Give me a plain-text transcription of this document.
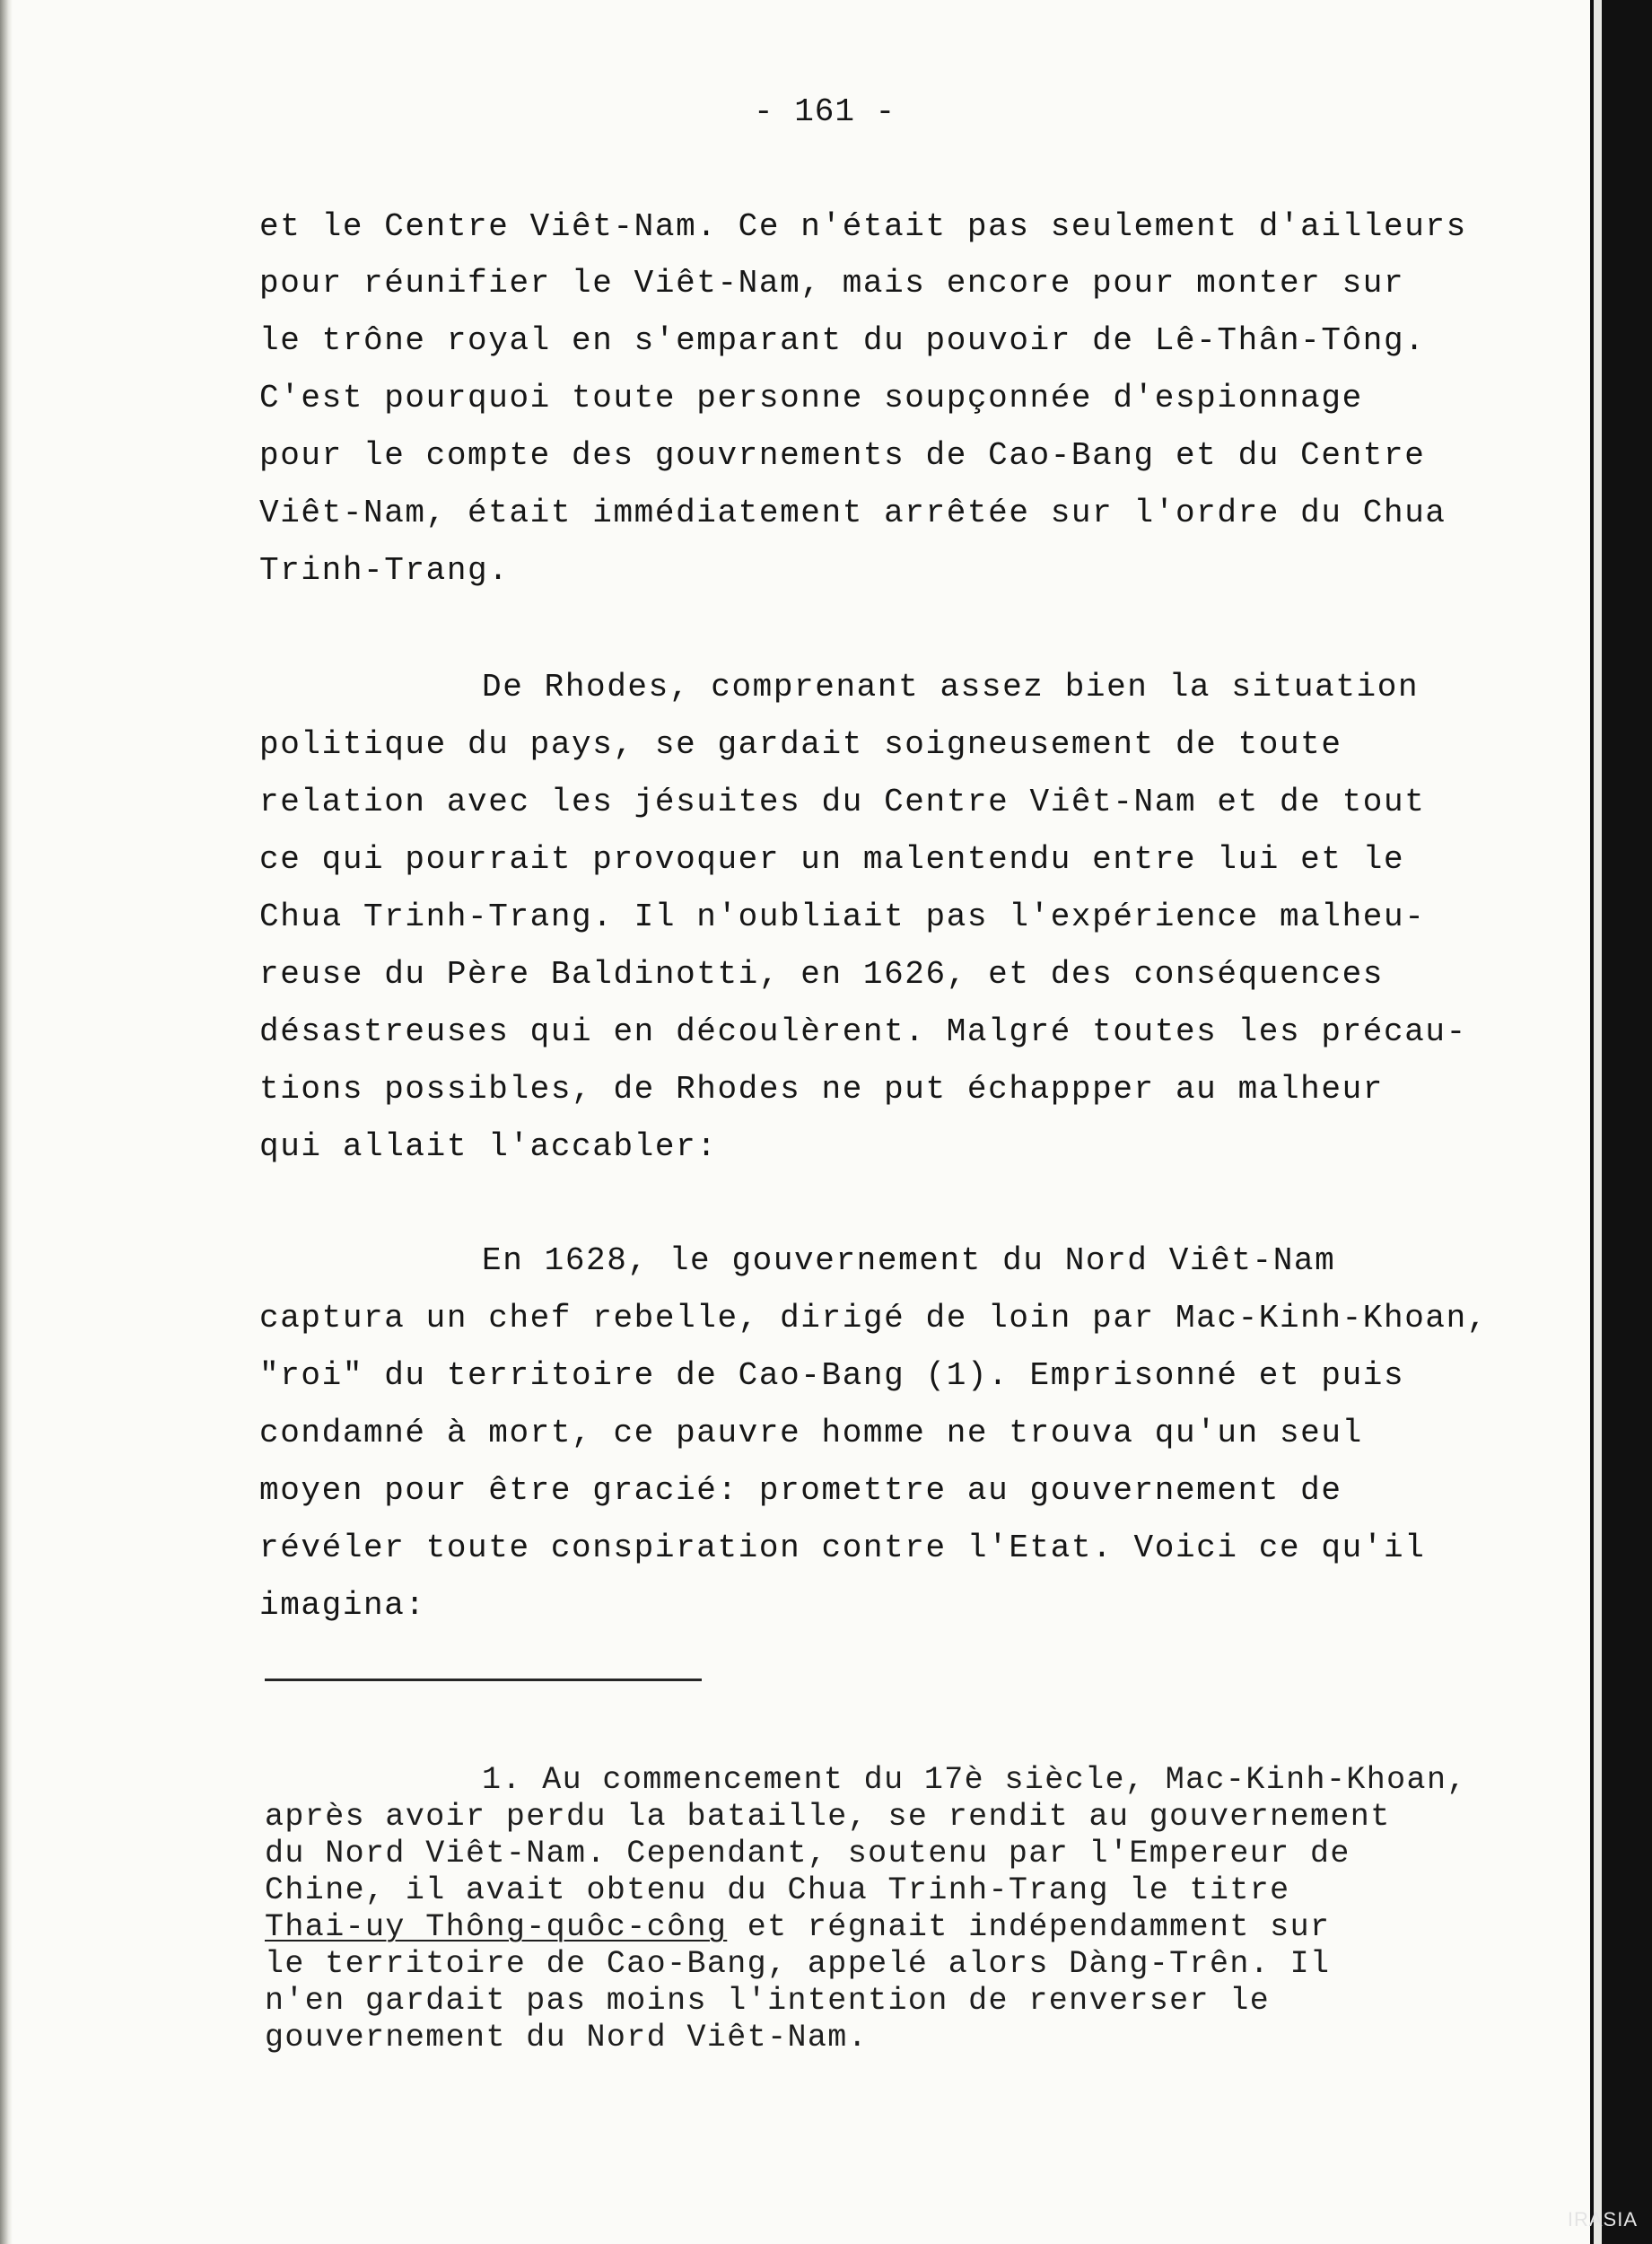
- 161 -
et le Centre Viêt-Nam. Ce n'était pas seulement d'ailleurs
pour réunifier le Viêt-Nam, mais encore pour monter sur
le trône royal en s'emparant du pouvoir de Lê-Thân-Tông.
C'est pourquoi toute personne soupçonnée d'espionnage
pour le compte des gouvrnements de Cao-Bang et du Centre
Viêt-Nam, était immédiatement arrêtée sur l'ordre du Chua
Trinh-Trang.
De Rhodes, comprenant assez bien la situation
politique du pays, se gardait soigneusement de toute
relation avec les jésuites du Centre Viêt-Nam et de tout
ce qui pourrait provoquer un malentendu entre lui et le
Chua Trinh-Trang. Il n'oubliait pas l'expérience malheu-
reuse du Père Baldinotti, en 1626, et des conséquences
désastreuses qui en découlèrent. Malgré toutes les précau-
tions possibles, de Rhodes ne put échappper au malheur
qui allait l'accabler:
En 1628, le gouvernement du Nord Viêt-Nam
captura un chef rebelle, dirigé de loin par Mac-Kinh-Khoan,
"roi" du territoire de Cao-Bang (1). Emprisonné et puis
condamné à mort, ce pauvre homme ne trouva qu'un seul
moyen pour être gracié: promettre au gouvernement de
révéler toute conspiration contre l'Etat. Voici ce qu'il
imagina:
1. Au commencement du 17è siècle, Mac-Kinh-Khoan,
après avoir perdu la bataille, se rendit au gouvernement
du Nord Viêt-Nam. Cependant, soutenu par l'Empereur de
Chine, il avait obtenu du Chua Trinh-Trang le titre
Thai-uy Thông-quôc-công et régnait indépendamment sur
le territoire de Cao-Bang, appelé alors Dàng-Trên. Il
n'en gardait pas moins l'intention de renverser le
gouvernement du Nord Viêt-Nam.
IRASIA
